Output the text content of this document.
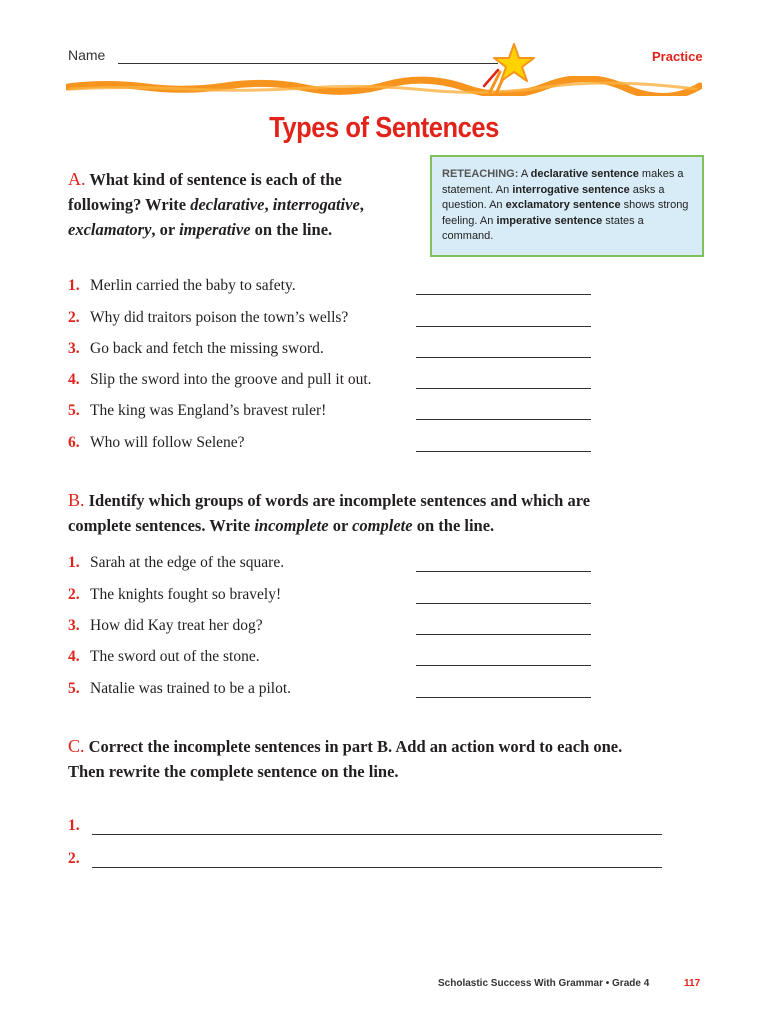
Name	Practice
Types of Sentences
A. What kind of sentence is each of the following? Write declarative, interrogative, exclamatory, or imperative on the line.
RETEACHING: A declarative sentence makes a statement. An interrogative sentence asks a question. An exclamatory sentence shows strong feeling. An imperative sentence states a command.
1. Merlin carried the baby to safety.
2. Why did traitors poison the town’s wells?
3. Go back and fetch the missing sword.
4. Slip the sword into the groove and pull it out.
5. The king was England’s bravest ruler!
6. Who will follow Selene?
B. Identify which groups of words are incomplete sentences and which are complete sentences. Write incomplete or complete on the line.
1. Sarah at the edge of the square.
2. The knights fought so bravely!
3. How did Kay treat her dog?
4. The sword out of the stone.
5. Natalie was trained to be a pilot.
C. Correct the incomplete sentences in part B. Add an action word to each one. Then rewrite the complete sentence on the line.
1.
2.
Scholastic Success With Grammar • Grade 4	117
